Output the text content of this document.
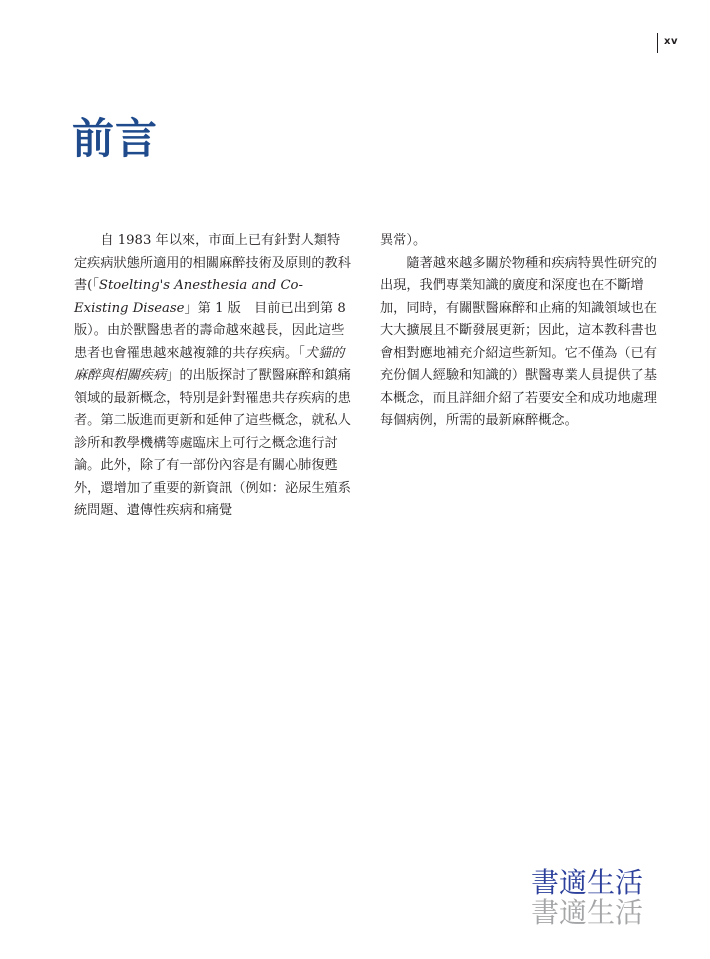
xv
前言

自 1983 年以來，市面上已有針對人類特定疾病狀態所適用的相關麻醉技術及原則的教科書(「Stoelting's Anesthesia and Co-Existing Disease」第 1 版　目前已出到第 8 版）。由於獸醫患者的壽命越來越長，因此這些患者也會罹患越來越複雜的共存疾病。「犬貓的麻醉與相關疾病」的出版探討了獸醫麻醉和鎮痛領域的最新概念，特別是針對罹患共存疾病的患者。第二版進而更新和延伸了這些概念，就私人診所和教學機構等處臨床上可行之概念進行討論。此外，除了有一部份內容是有關心肺復甦外，還增加了重要的新資訊（例如：泌尿生殖系統問題、遺傳性疾病和痛覺

異常）。

隨著越來越多關於物種和疾病特異性研究的出現，我們專業知識的廣度和深度也在不斷增加，同時，有關獸醫麻醉和止痛的知識領域也在大大擴展且不斷發展更新；因此，這本教科書也會相對應地補充介紹這些新知。它不僅為（已有充份個人經驗和知識的）獸醫專業人員提供了基本概念，而且詳細介紹了若要安全和成功地處理每個病例，所需的最新麻醉概念。

書適生活
書適生活
